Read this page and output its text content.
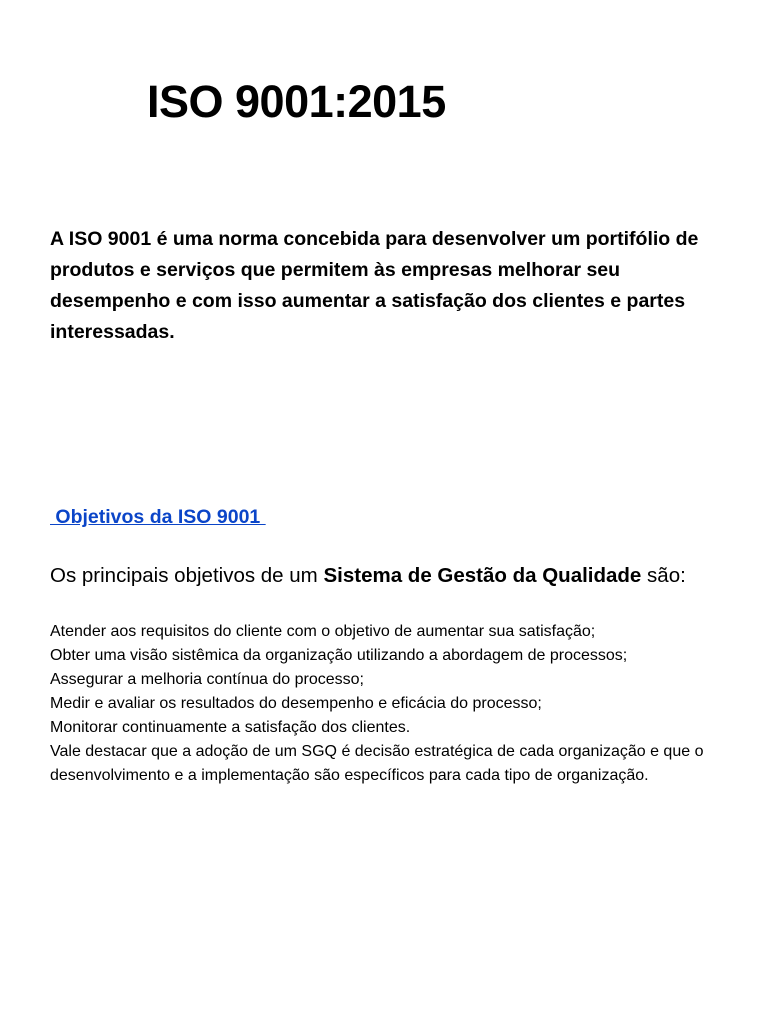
ISO 9001:2015

A ISO 9001 é uma norma concebida para desenvolver um portifólio de produtos e serviços que permitem às empresas melhorar seu desempenho e com isso aumentar a satisfação dos clientes e partes interessadas.

Objetivos da ISO 9001

Os principais objetivos de um Sistema de Gestão da Qualidade são:

Atender aos requisitos do cliente com o objetivo de aumentar sua satisfação;
Obter uma visão sistêmica da organização utilizando a abordagem de processos;
Assegurar a melhoria contínua do processo;
Medir e avaliar os resultados do desempenho e eficácia do processo;
Monitorar continuamente a satisfação dos clientes.

Vale destacar que a adoção de um SGQ é decisão estratégica de cada organização e que o desenvolvimento e a implementação são específicos para cada tipo de organização.
